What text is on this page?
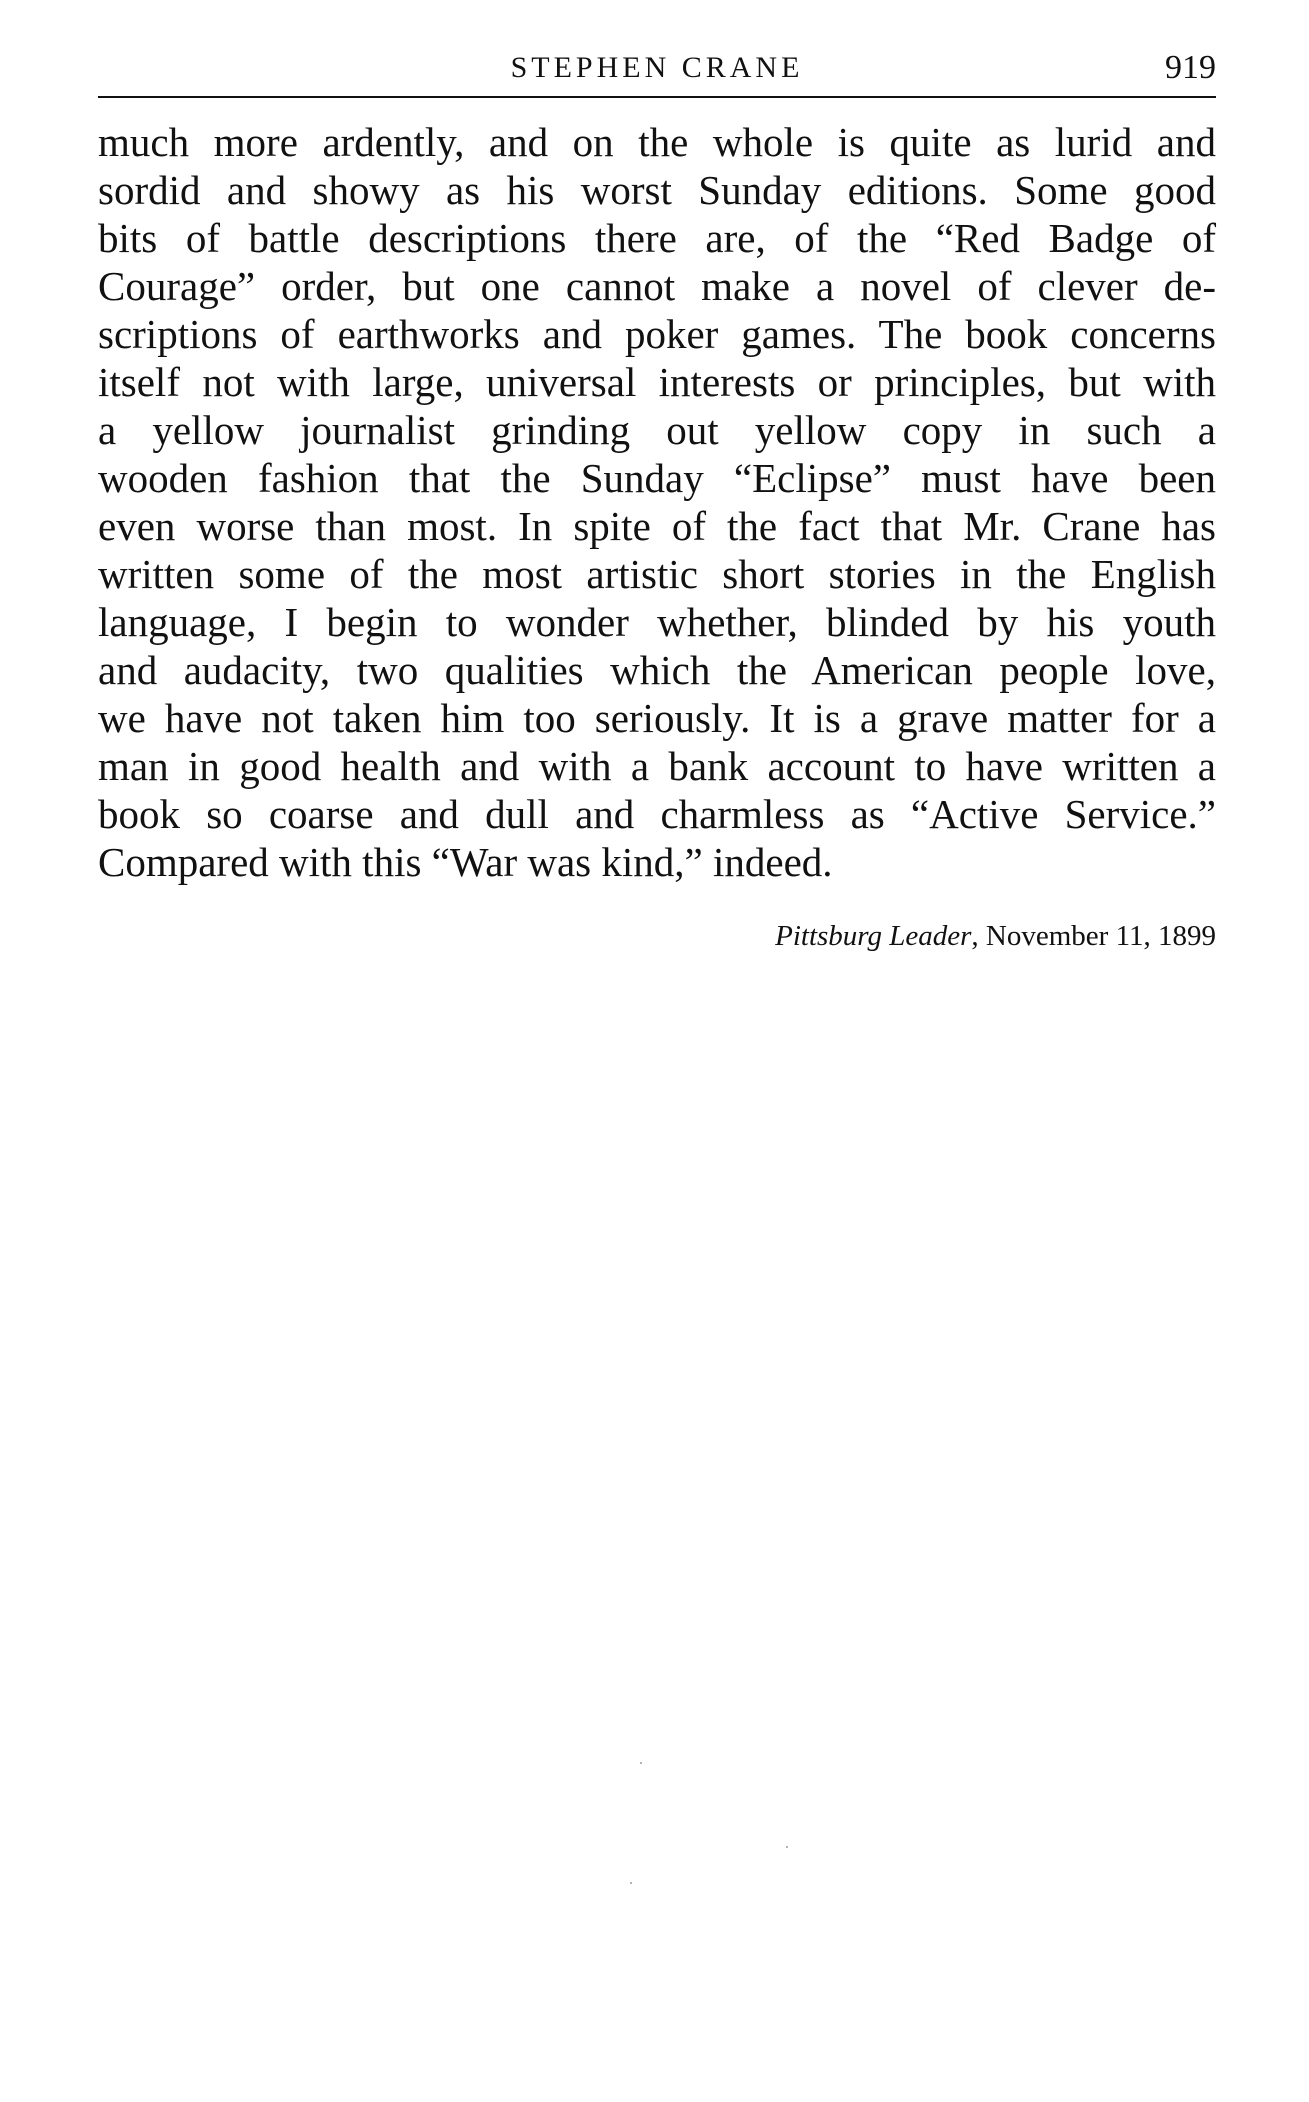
STEPHEN CRANE	919
much more ardently, and on the whole is quite as lurid and
sordid and showy as his worst Sunday editions. Some good
bits of battle descriptions there are, of the “Red Badge of
Courage” order, but one cannot make a novel of clever de-
scriptions of earthworks and poker games. The book concerns
itself not with large, universal interests or principles, but with
a yellow journalist grinding out yellow copy in such a
wooden fashion that the Sunday “Eclipse” must have been
even worse than most. In spite of the fact that Mr. Crane has
written some of the most artistic short stories in the English
language, I begin to wonder whether, blinded by his youth
and audacity, two qualities which the American people love,
we have not taken him too seriously. It is a grave matter for a
man in good health and with a bank account to have written a
book so coarse and dull and charmless as “Active Service.”
Compared with this “War was kind,” indeed.
Pittsburg Leader, November 11, 1899
